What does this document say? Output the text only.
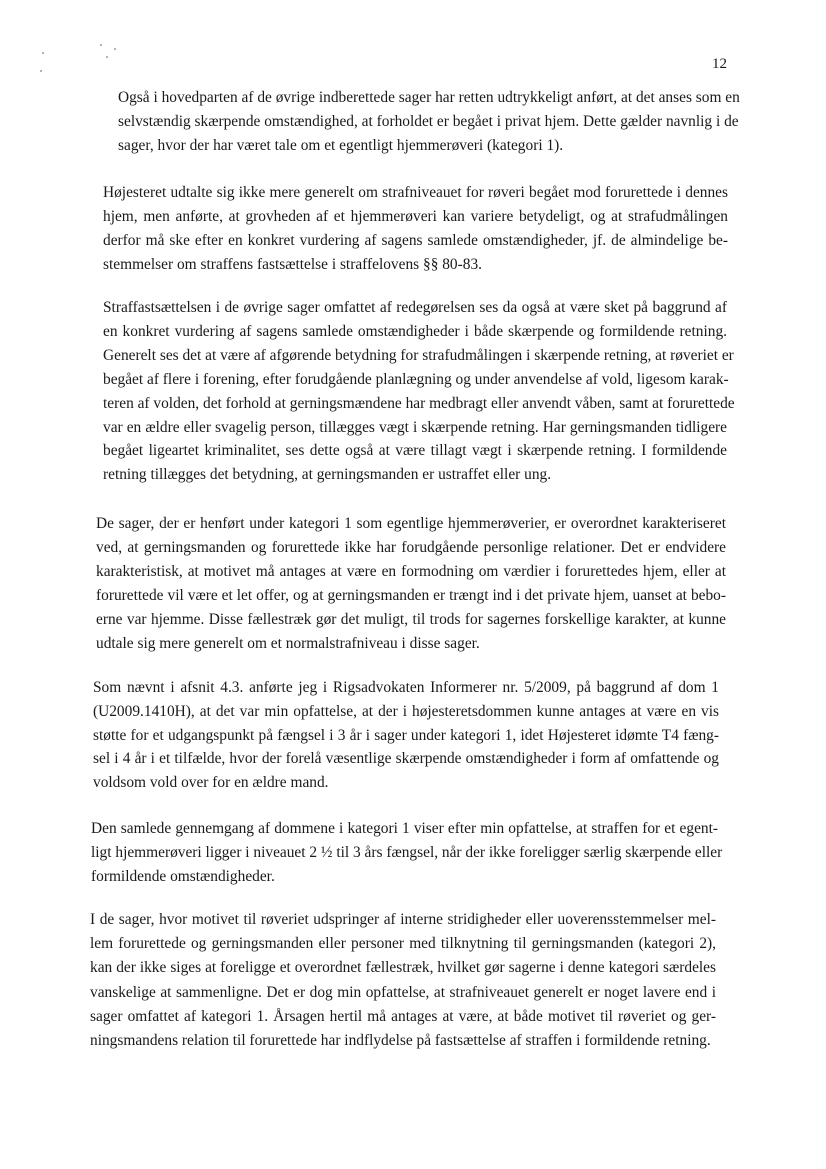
12
Også i hovedparten af de øvrige indberettede sager har retten udtrykkeligt anført, at det anses som en
selvstændig skærpende omstændighed, at forholdet er begået i privat hjem. Dette gælder navnlig i de
sager, hvor der har været tale om et egentligt hjemmerøveri (kategori 1).
Højesteret udtalte sig ikke mere generelt om strafniveauet for røveri begået mod forurettede i dennes
hjem, men anførte, at grovheden af et hjemmerøveri kan variere betydeligt, og at strafudmålingen
derfor må ske efter en konkret vurdering af sagens samlede omstændigheder, jf. de almindelige be-
stemmelser om straffens fastsættelse i straffelovens §§ 80-83.
Straffastsættelsen i de øvrige sager omfattet af redegørelsen ses da også at være sket på baggrund af
en konkret vurdering af sagens samlede omstændigheder i både skærpende og formildende retning.
Generelt ses det at være af afgørende betydning for strafudmålingen i skærpende retning, at røveriet er
begået af flere i forening, efter forudgående planlægning og under anvendelse af vold, ligesom karak-
teren af volden, det forhold at gerningsmændene har medbragt eller anvendt våben, samt at forurettede
var en ældre eller svagelig person, tillægges vægt i skærpende retning. Har gerningsmanden tidligere
begået ligeartet kriminalitet, ses dette også at være tillagt vægt i skærpende retning. I formildende
retning tillægges det betydning, at gerningsmanden er ustraffet eller ung.
De sager, der er henført under kategori 1 som egentlige hjemmerøverier, er overordnet karakteriseret
ved, at gerningsmanden og forurettede ikke har forudgående personlige relationer. Det er endvidere
karakteristisk, at motivet må antages at være en formodning om værdier i forurettedes hjem, eller at
forurettede vil være et let offer, og at gerningsmanden er trængt ind i det private hjem, uanset at bebo-
erne var hjemme. Disse fællestræk gør det muligt, til trods for sagernes forskellige karakter, at kunne
udtale sig mere generelt om et normalstrafniveau i disse sager.
Som nævnt i afsnit 4.3. anførte jeg i Rigsadvokaten Informerer nr. 5/2009, på baggrund af dom 1
(U2009.1410H), at det var min opfattelse, at der i højesteretsdommen kunne antages at være en vis
støtte for et udgangspunkt på fængsel i 3 år i sager under kategori 1, idet Højesteret idømte T4 fæng-
sel i 4 år i et tilfælde, hvor der forelå væsentlige skærpende omstændigheder i form af omfattende og
voldsom vold over for en ældre mand.
Den samlede gennemgang af dommene i kategori 1 viser efter min opfattelse, at straffen for et egent-
ligt hjemmerøveri ligger i niveauet 2 ½ til 3 års fængsel, når der ikke foreligger særlig skærpende eller
formildende omstændigheder.
I de sager, hvor motivet til røveriet udspringer af interne stridigheder eller uoverensstemmelser mel-
lem forurettede og gerningsmanden eller personer med tilknytning til gerningsmanden (kategori 2),
kan der ikke siges at foreligge et overordnet fællestræk, hvilket gør sagerne i denne kategori særdeles
vanskelige at sammenligne. Det er dog min opfattelse, at strafniveauet generelt er noget lavere end i
sager omfattet af kategori 1. Årsagen hertil må antages at være, at både motivet til røveriet og ger-
ningsmandens relation til forurettede har indflydelse på fastsættelse af straffen i formildende retning.
